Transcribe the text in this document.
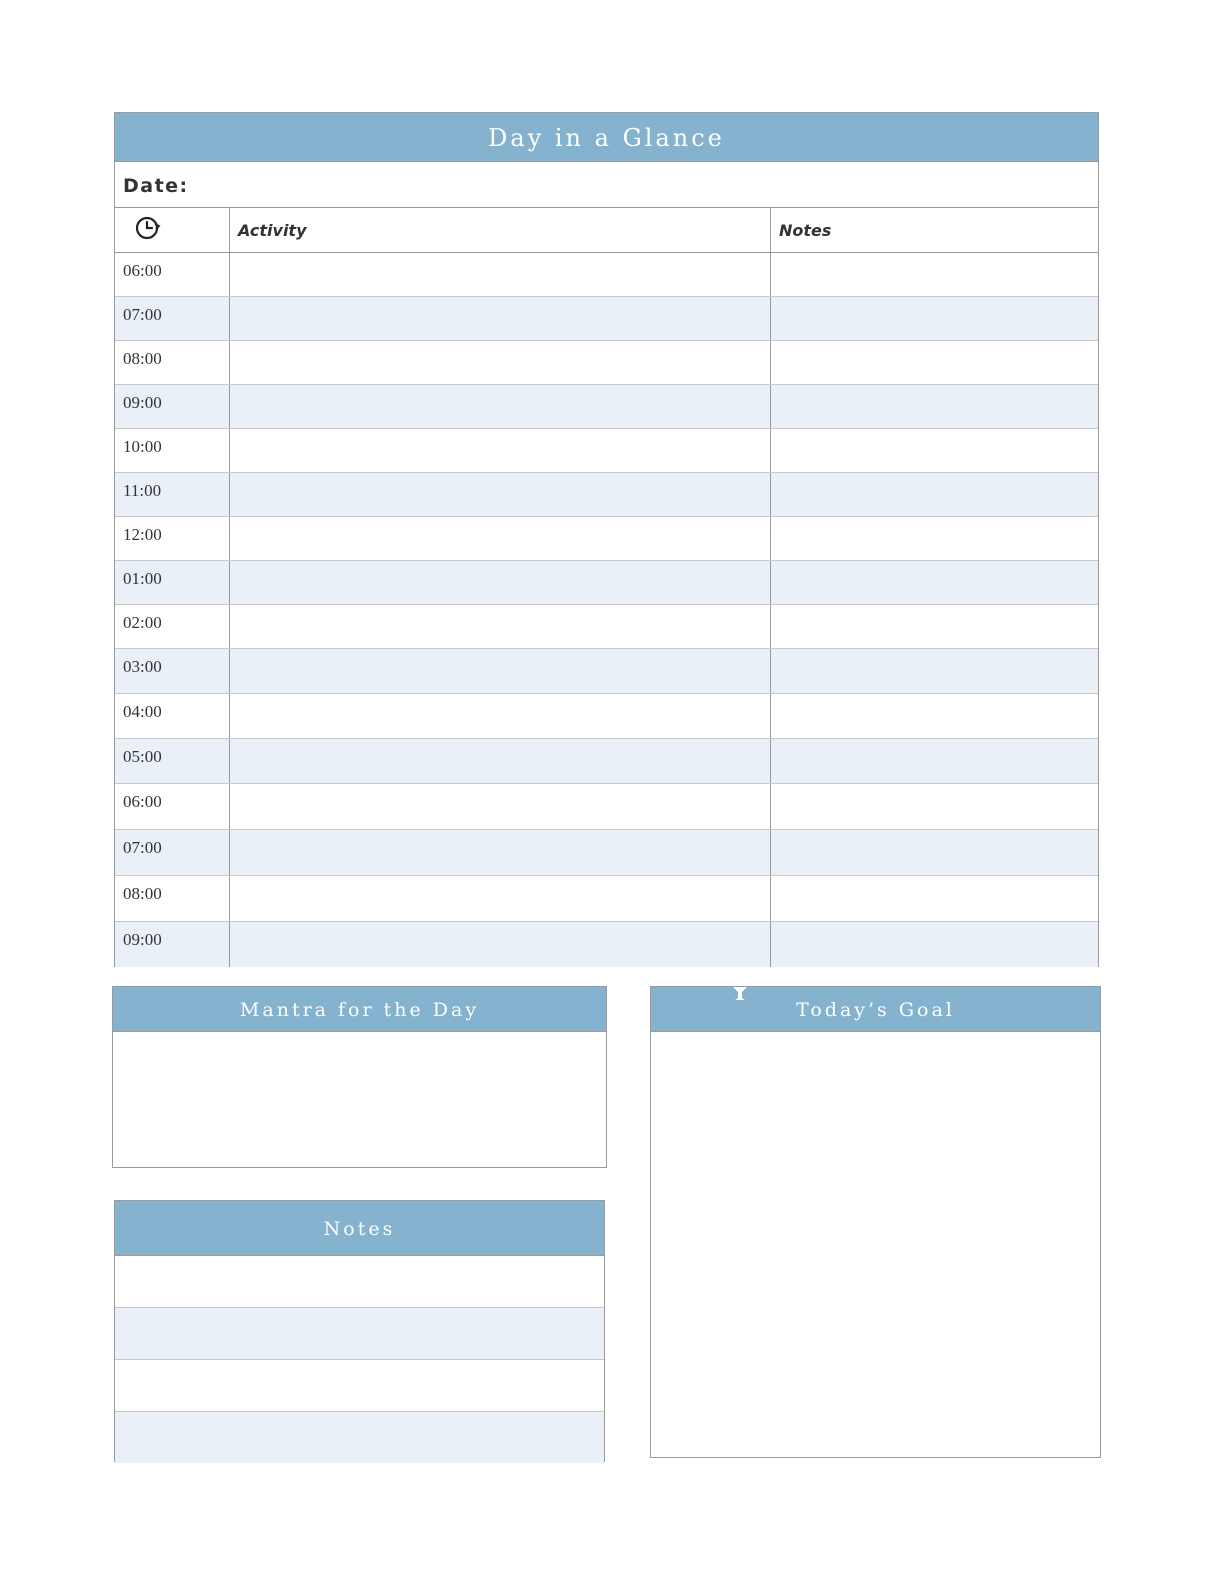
Day in a Glance
Date:
Activity	Notes
06:00
07:00
08:00
09:00
10:00
11:00
12:00
01:00
02:00
03:00
04:00
05:00
06:00
07:00
08:00
09:00
Mantra for the Day	Today’s Goal
Notes
